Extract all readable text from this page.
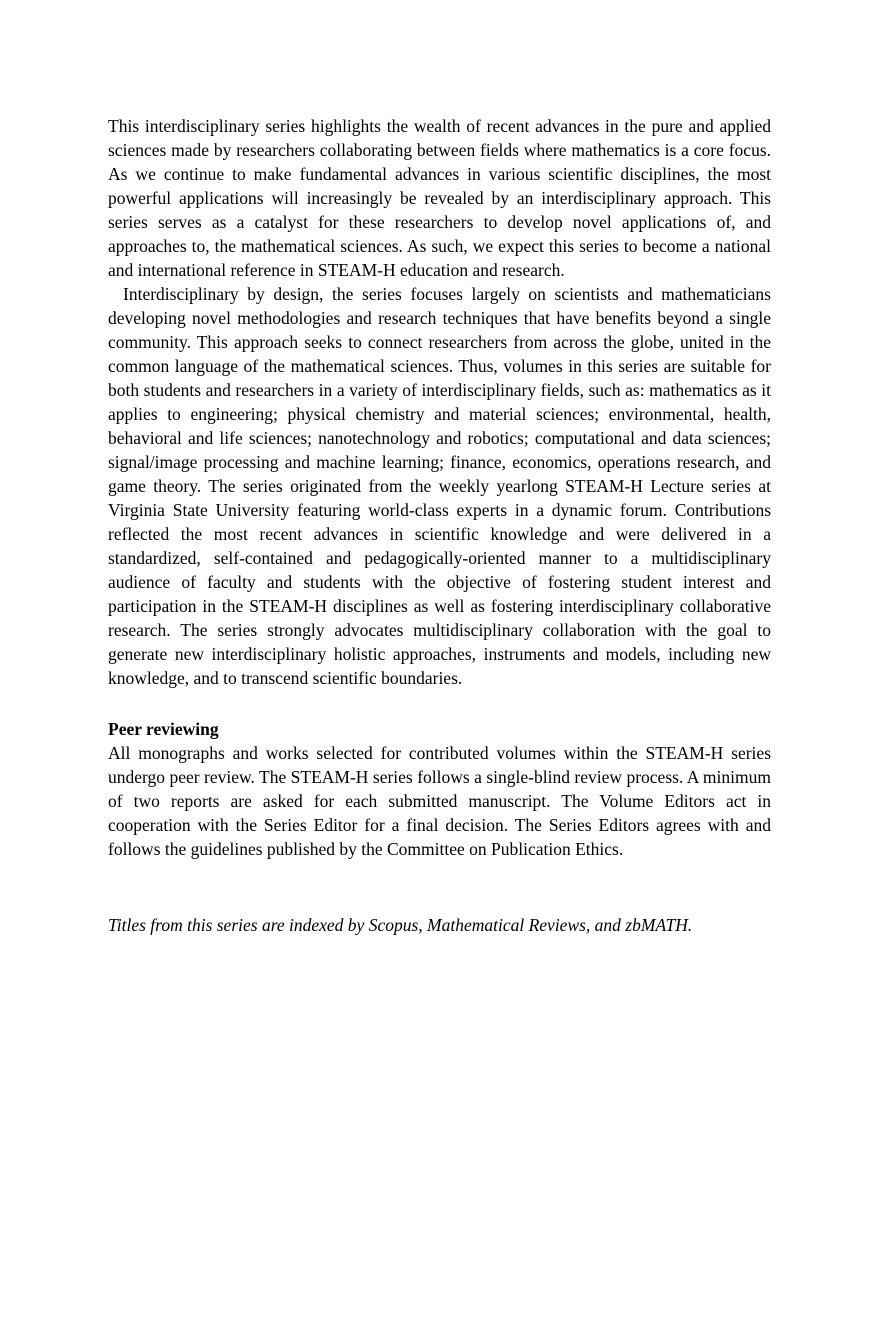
This interdisciplinary series highlights the wealth of recent advances in the pure and applied sciences made by researchers collaborating between fields where mathematics is a core focus. As we continue to make fundamental advances in various scientific disciplines, the most powerful applications will increasingly be revealed by an interdisciplinary approach. This series serves as a catalyst for these researchers to develop novel applications of, and approaches to, the mathematical sciences. As such, we expect this series to become a national and international reference in STEAM-H education and research.

Interdisciplinary by design, the series focuses largely on scientists and mathematicians developing novel methodologies and research techniques that have benefits beyond a single community. This approach seeks to connect researchers from across the globe, united in the common language of the mathematical sciences. Thus, volumes in this series are suitable for both students and researchers in a variety of interdisciplinary fields, such as: mathematics as it applies to engineering; physical chemistry and material sciences; environmental, health, behavioral and life sciences; nanotechnology and robotics; computational and data sciences; signal/image processing and machine learning; finance, economics, operations research, and game theory. The series originated from the weekly yearlong STEAM-H Lecture series at Virginia State University featuring world-class experts in a dynamic forum. Contributions reflected the most recent advances in scientific knowledge and were delivered in a standardized, self-contained and pedagogically-oriented manner to a multidisciplinary audience of faculty and students with the objective of fostering student interest and participation in the STEAM-H disciplines as well as fostering interdisciplinary collaborative research. The series strongly advocates multidisciplinary collaboration with the goal to generate new interdisciplinary holistic approaches, instruments and models, including new knowledge, and to transcend scientific boundaries.

Peer reviewing

All monographs and works selected for contributed volumes within the STEAM-H series undergo peer review. The STEAM-H series follows a single-blind review process. A minimum of two reports are asked for each submitted manuscript. The Volume Editors act in cooperation with the Series Editor for a final decision. The Series Editors agrees with and follows the guidelines published by the Committee on Publication Ethics.

Titles from this series are indexed by Scopus, Mathematical Reviews, and zbMATH.
